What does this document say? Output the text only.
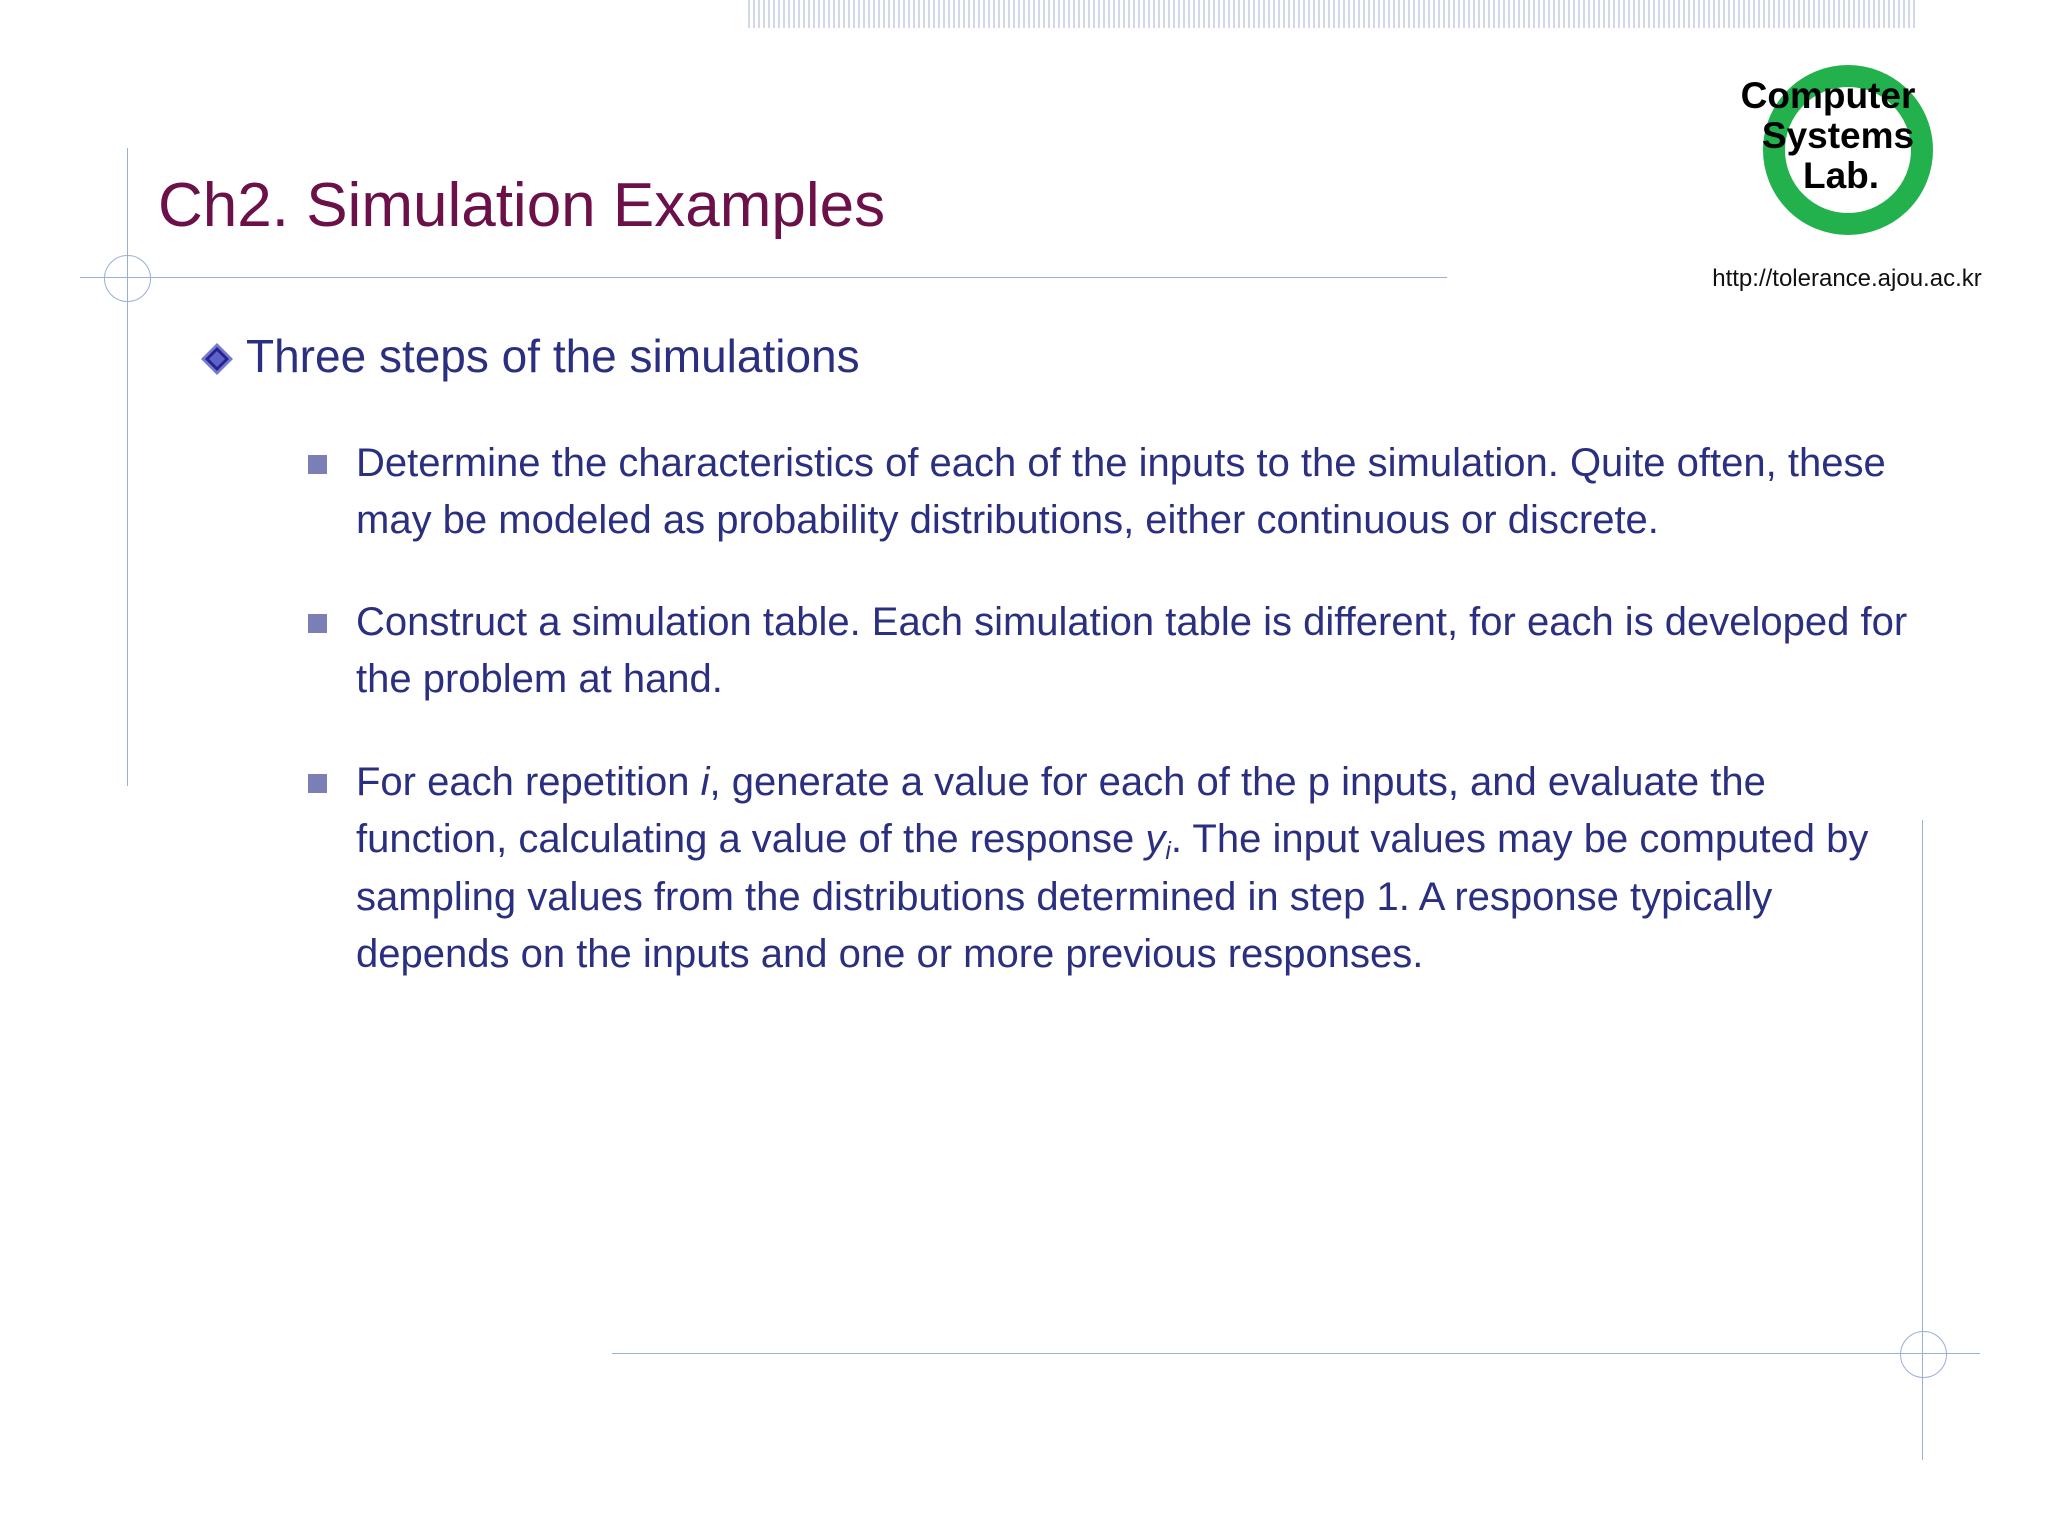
Ch2. Simulation Examples
Computer
Systems
Lab.
http://tolerance.ajou.ac.kr
Three steps of the simulations
Determine the characteristics of each of the inputs to the simulation. Quite often, these may be modeled as probability distributions, either continuous or discrete.
Construct a simulation table. Each simulation table is different, for each is developed for the problem at hand.
For each repetition i, generate a value for each of the p inputs, and evaluate the function, calculating a value of the response $y_i$. The input values may be computed by sampling values from the distributions determined in step 1. A response typically depends on the inputs and one or more previous responses.
